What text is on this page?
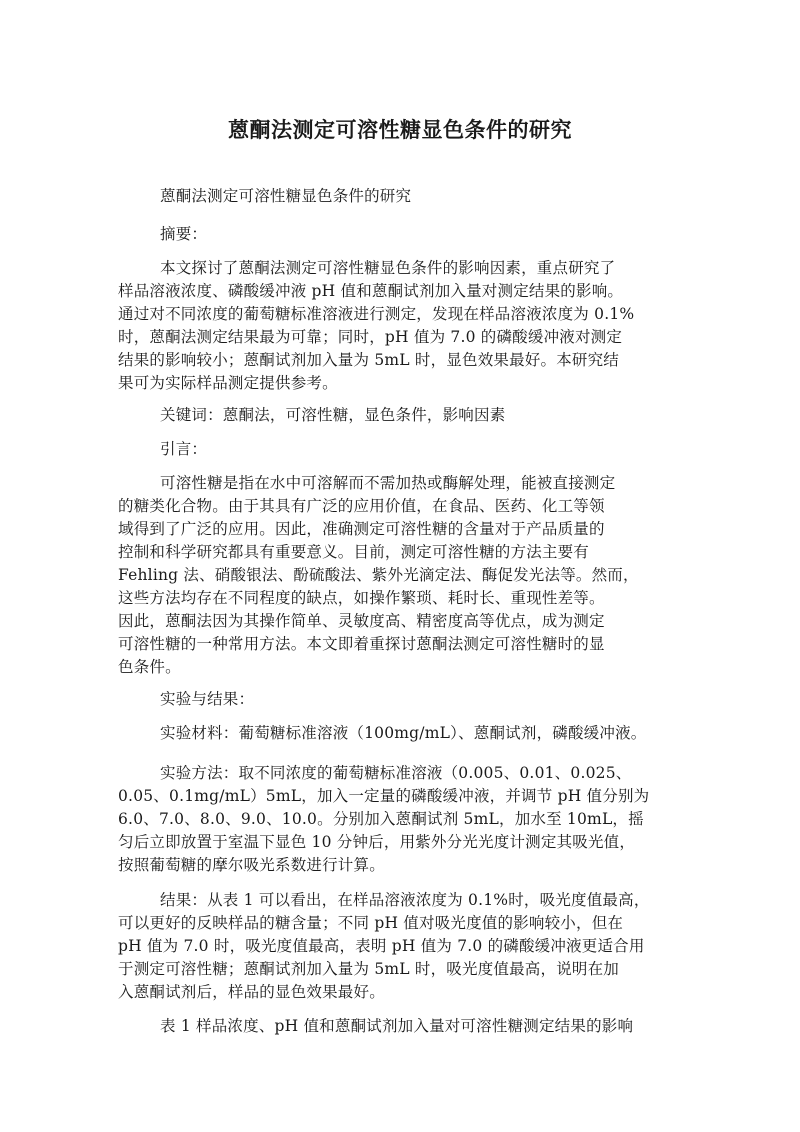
蒽酮法测定可溶性糖显色条件的研究
蒽酮法测定可溶性糖显色条件的研究
摘要：
本文探讨了蒽酮法测定可溶性糖显色条件的影响因素，重点研究了
样品溶液浓度、磷酸缓冲液 pH 值和蒽酮试剂加入量对测定结果的影响。
通过对不同浓度的葡萄糖标准溶液进行测定，发现在样品溶液浓度为 0.1%
时，蒽酮法测定结果最为可靠；同时，pH 值为 7.0 的磷酸缓冲液对测定
结果的影响较小；蒽酮试剂加入量为 5mL 时，显色效果最好。本研究结
果可为实际样品测定提供参考。
关键词：蒽酮法，可溶性糖，显色条件，影响因素
引言：
可溶性糖是指在水中可溶解而不需加热或酶解处理，能被直接测定
的糖类化合物。由于其具有广泛的应用价值，在食品、医药、化工等领
域得到了广泛的应用。因此，准确测定可溶性糖的含量对于产品质量的
控制和科学研究都具有重要意义。目前，测定可溶性糖的方法主要有
Fehling 法、硝酸银法、酚硫酸法、紫外光滴定法、酶促发光法等。然而，
这些方法均存在不同程度的缺点，如操作繁琐、耗时长、重现性差等。
因此，蒽酮法因为其操作简单、灵敏度高、精密度高等优点，成为测定
可溶性糖的一种常用方法。本文即着重探讨蒽酮法测定可溶性糖时的显
色条件。
实验与结果：
实验材料：葡萄糖标准溶液（100mg/mL）、蒽酮试剂，磷酸缓冲液。
实验方法：取不同浓度的葡萄糖标准溶液（0.005、0.01、0.025、
0.05、0.1mg/mL）5mL，加入一定量的磷酸缓冲液，并调节 pH 值分别为
6.0、7.0、8.0、9.0、10.0。分别加入蒽酮试剂 5mL，加水至 10mL，摇
匀后立即放置于室温下显色 10 分钟后，用紫外分光光度计测定其吸光值，
按照葡萄糖的摩尔吸光系数进行计算。
结果：从表 1 可以看出，在样品溶液浓度为 0.1%时，吸光度值最高，
可以更好的反映样品的糖含量；不同 pH 值对吸光度值的影响较小，但在
pH 值为 7.0 时，吸光度值最高，表明 pH 值为 7.0 的磷酸缓冲液更适合用
于测定可溶性糖；蒽酮试剂加入量为 5mL 时，吸光度值最高，说明在加
入蒽酮试剂后，样品的显色效果最好。
表 1 样品浓度、pH 值和蒽酮试剂加入量对可溶性糖测定结果的影响
